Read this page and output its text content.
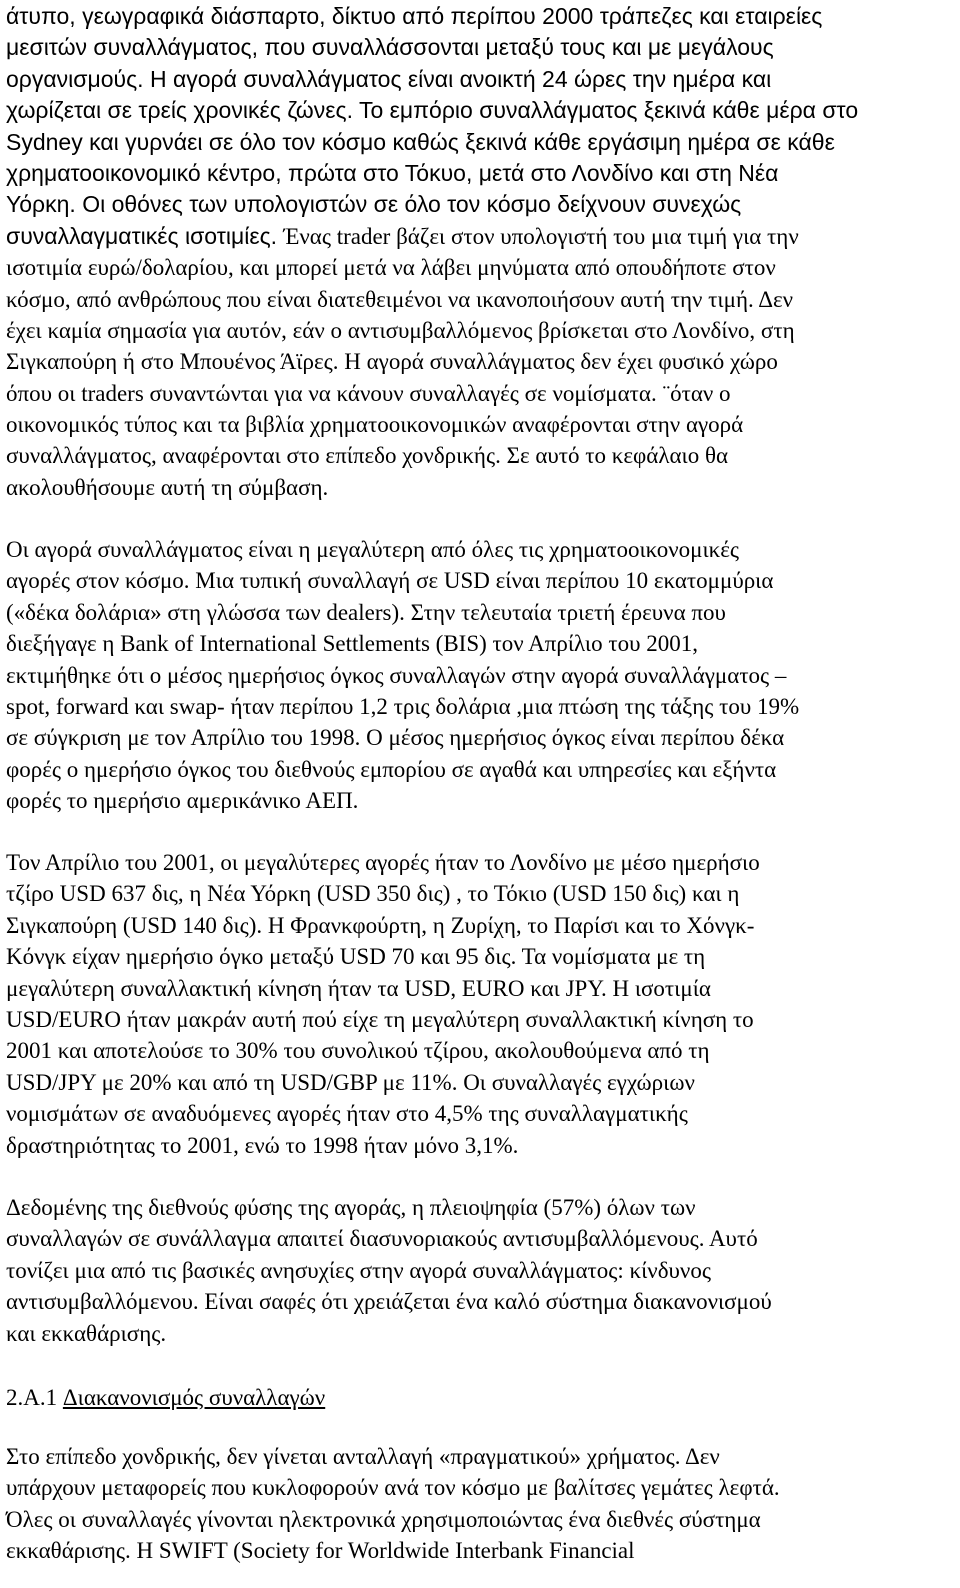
άτυπο, γεωγραφικά διάσπαρτο, δίκτυο από περίπου 2000 τράπεζες και εταιρείες
μεσιτών συναλλάγματος, που συναλλάσσονται μεταξύ τους και με μεγάλους
οργανισμούς. Η αγορά συναλλάγματος είναι ανοικτή 24 ώρες την ημέρα και
χωρίζεται σε τρείς χρονικές ζώνες. Το εμπόριο συναλλάγματος ξεκινά κάθε μέρα στο
Sydney και γυρνάει σε όλο τον κόσμο καθώς ξεκινά κάθε εργάσιμη ημέρα σε κάθε
χρηματοοικονομικό κέντρο, πρώτα στο Τόκυο, μετά στο Λονδίνο και στη Νέα
Υόρκη. Οι οθόνες των υπολογιστών σε όλο τον κόσμο δείχνουν συνεχώς
συναλλαγματικές ισοτιμίες. Ένας trader βάζει στον υπολογιστή του μια τιμή για την
ισοτιμία ευρώ/δολαρίου, και μπορεί μετά να λάβει μηνύματα από οπουδήποτε στον
κόσμο, από ανθρώπους που είναι διατεθειμένοι να ικανοποιήσουν αυτή την τιμή. Δεν
έχει καμία σημασία για αυτόν, εάν ο αντισυμβαλλόμενος βρίσκεται στο Λονδίνο, στη
Σιγκαπούρη ή στο Μπουένος Άϊρες. Η αγορά συναλλάγματος δεν έχει φυσικό χώρο
όπου οι traders συναντώνται για να κάνουν συναλλαγές σε νομίσματα. ¨όταν ο
οικονομικός τύπος και τα βιβλία χρηματοοικονομικών αναφέρονται στην αγορά
συναλλάγματος, αναφέρονται στο επίπεδο χονδρικής. Σε αυτό το κεφάλαιο θα
ακολουθήσουμε αυτή τη σύμβαση.
Οι αγορά συναλλάγματος είναι η μεγαλύτερη από όλες τις χρηματοοικονομικές
αγορές στον κόσμο. Μια τυπική συναλλαγή σε USD είναι περίπου 10 εκατομμύρια
(«δέκα δολάρια» στη γλώσσα των dealers). Στην τελευταία τριετή έρευνα που
διεξήγαγε η Bank of International Settlements (BIS) τον Απρίλιο του 2001,
εκτιμήθηκε ότι ο μέσος ημερήσιος όγκος συναλλαγών στην αγορά συναλλάγματος –
spot, forward και swap- ήταν περίπου 1,2 τρις δολάρια ,μια πτώση της τάξης του 19%
σε σύγκριση με τον Απρίλιο του 1998. Ο μέσος ημερήσιος όγκος είναι περίπου δέκα
φορές ο ημερήσιο όγκος του διεθνούς εμπορίου σε αγαθά και υπηρεσίες και εξήντα
φορές το ημερήσιο αμερικάνικο ΑΕΠ.
Τον Απρίλιο του 2001, οι μεγαλύτερες αγορές ήταν το Λονδίνο με μέσο ημερήσιο
τζίρο USD 637 δις, η Νέα Υόρκη (USD 350 δις) , το Τόκιο (USD 150 δις) και η
Σιγκαπούρη (USD 140 δις). Η Φρανκφούρτη, η Ζυρίχη, το Παρίσι και το Χόνγκ-
Κόνγκ είχαν ημερήσιο όγκο μεταξύ USD 70 και 95 δις. Τα νομίσματα με τη
μεγαλύτερη συναλλακτική κίνηση ήταν τα USD, EURO και JPY. Η ισοτιμία
USD/EURO ήταν μακράν αυτή πού είχε τη μεγαλύτερη συναλλακτική κίνηση το
2001 και αποτελούσε το 30% του συνολικού τζίρου, ακολουθούμενα από τη
USD/JPY με 20% και από τη USD/GBP με 11%. Οι συναλλαγές εγχώριων
νομισμάτων σε αναδυόμενες αγορές ήταν στο 4,5% της συναλλαγματικής
δραστηριότητας το 2001, ενώ το 1998 ήταν μόνο 3,1%.
Δεδομένης της διεθνούς φύσης της αγοράς, η πλειοψηφία (57%) όλων των
συναλλαγών σε συνάλλαγμα απαιτεί διασυνοριακούς αντισυμβαλλόμενους. Αυτό
τονίζει μια από τις βασικές ανησυχίες στην αγορά συναλλάγματος: κίνδυνος
αντισυμβαλλόμενου. Είναι σαφές ότι χρειάζεται ένα καλό σύστημα διακανονισμού
και εκκαθάρισης.
2.A.1 Διακανονισμός συναλλαγών
Στο επίπεδο χονδρικής, δεν γίνεται ανταλλαγή «πραγματικού» χρήματος. Δεν
υπάρχουν μεταφορείς που κυκλοφορούν ανά τον κόσμο με βαλίτσες γεμάτες λεφτά.
Όλες οι συναλλαγές γίνονται ηλεκτρονικά χρησιμοποιώντας ένα διεθνές σύστημα
εκκαθάρισης. Η SWIFT (Society for Worldwide Interbank Financial
